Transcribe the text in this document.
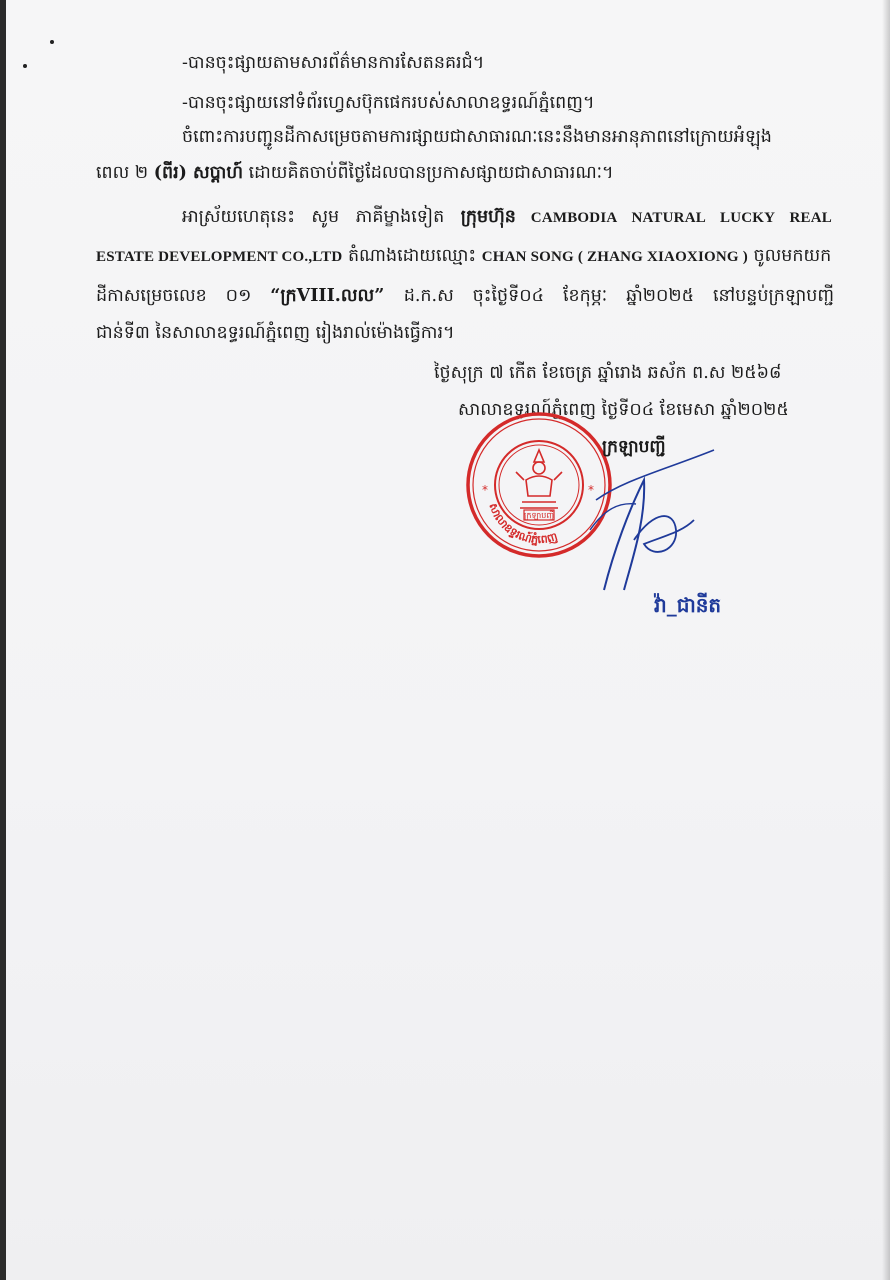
-បានចុះផ្សាយតាមសារព័ត៌មានការសែតនគរជំ។
-បានចុះផ្សាយនៅទំព័រហ្វេសប៊ុកផេករបស់សាលាឧទ្ធរណ៍ភ្នំពេញ។
ចំពោះការបញ្ជូនដីកាសម្រេចតាមការផ្សាយជាសាធារណៈនេះនឹងមានអានុភាពនៅក្រោយអំឡុង
ពេល ២ (ពីរ) សប្តាហ៍ ដោយគិតចាប់ពីថ្ងៃដែលបានប្រកាសផ្សាយជាសាធារណៈ។
អាស្រ័យហេតុនេះ សូម ភាគីម្ខាងទៀត ក្រុមហ៊ុន CAMBODIA NATURAL LUCKY REAL
ESTATE DEVELOPMENT CO.,LTD តំណាងដោយឈ្មោះ CHAN SONG ( ZHANG XIAOXIONG ) ចូលមកយក
ដីកាសម្រេចលេខ ០១ “ក្រVIII.លល” ដ.ក.ស ចុះថ្ងៃទី០៤ ខែកុម្ភៈ ឆ្នាំ២០២៥ នៅបន្ទប់ក្រឡាបញ្ជី
ជាន់ទី៣ នៃសាលាឧទ្ធរណ៍ភ្នំពេញ រៀងរាល់ម៉ោងធ្វើការ។
ថ្ងៃសុក្រ ៧ កើត ខែចេត្រ ឆ្នាំរោង ឆស័ក ព.ស ២៥៦៨
សាលាឧទ្ធរណ៍ភ្នំពេញ ថ្ងៃទី០៤ ខែមេសា ឆ្នាំ២០២៥
*	*
សាលាឧទ្ធរណ៍ភ្នំពេញ
ក្រឡាបញ្ជី
ក្រឡាបញ្ជី
វ៉ា_ជានីត
